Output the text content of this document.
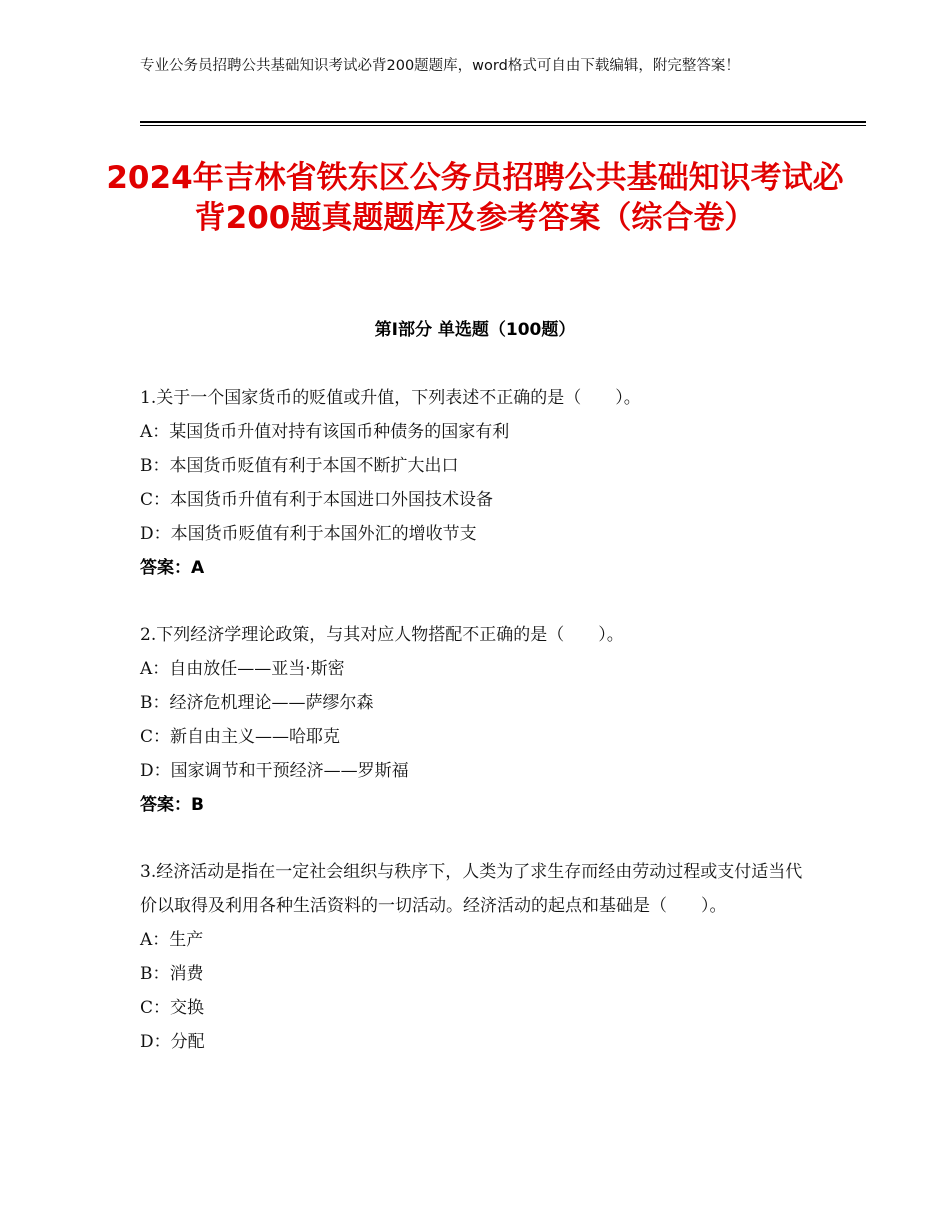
专业公务员招聘公共基础知识考试必背200题题库，word格式可自由下载编辑，附完整答案！
2024年吉林省铁东区公务员招聘公共基础知识考试必背200题真题题库及参考答案（综合卷）
第Ⅰ部分 单选题（100题）

1.关于一个国家货币的贬值或升值，下列表述不正确的是（　　）。

A：某国货币升值对持有该国币种债务的国家有利

B：本国货币贬值有利于本国不断扩大出口

C：本国货币升值有利于本国进口外国技术设备

D：本国货币贬值有利于本国外汇的增收节支

答案：A

2.下列经济学理论政策，与其对应人物搭配不正确的是（　　）。

A：自由放任——亚当·斯密

B：经济危机理论——萨缪尔森

C：新自由主义——哈耶克

D：国家调节和干预经济——罗斯福

答案：B

3.经济活动是指在一定社会组织与秩序下，人类为了求生存而经由劳动过程或支付适当代价以取得及利用各种生活资料的一切活动。经济活动的起点和基础是（　　）。

A：生产

B：消费

C：交换

D：分配
